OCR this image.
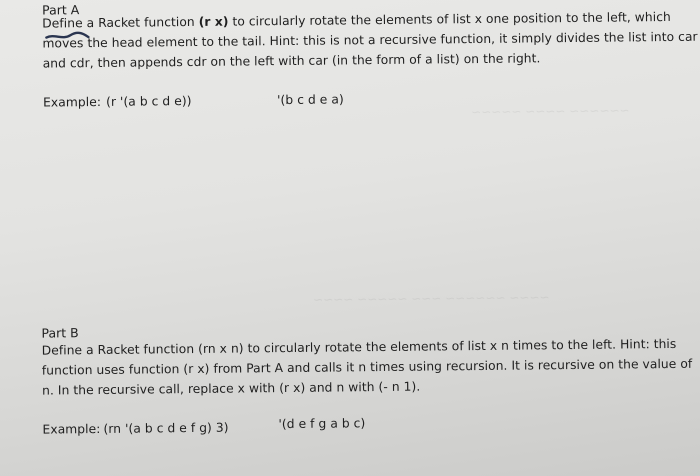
~~~~~~ ~~~~ ~~~~~
~~~~ ~~~~~~ ~~~ ~~~~~ ~~~~
Part A
Define a Racket function (r x) to circularly rotate the elements of list x one position to the left, which
moves the head element to the tail. Hint: this is not a recursive function, it simply divides the list into car
and cdr, then appends cdr on the left with car (in the form of a list) on the right.
Example: (r '(a b c d e))	'(b c d e a)
Part B
Define a Racket function (rn x n) to circularly rotate the elements of list x n times to the left. Hint: this
function uses function (r x) from Part A and calls it n times using recursion. It is recursive on the value of
n. In the recursive call, replace x with (r x) and n with (- n 1).
Example: (rn '(a b c d e f g) 3)	'(d e f g a b c)
